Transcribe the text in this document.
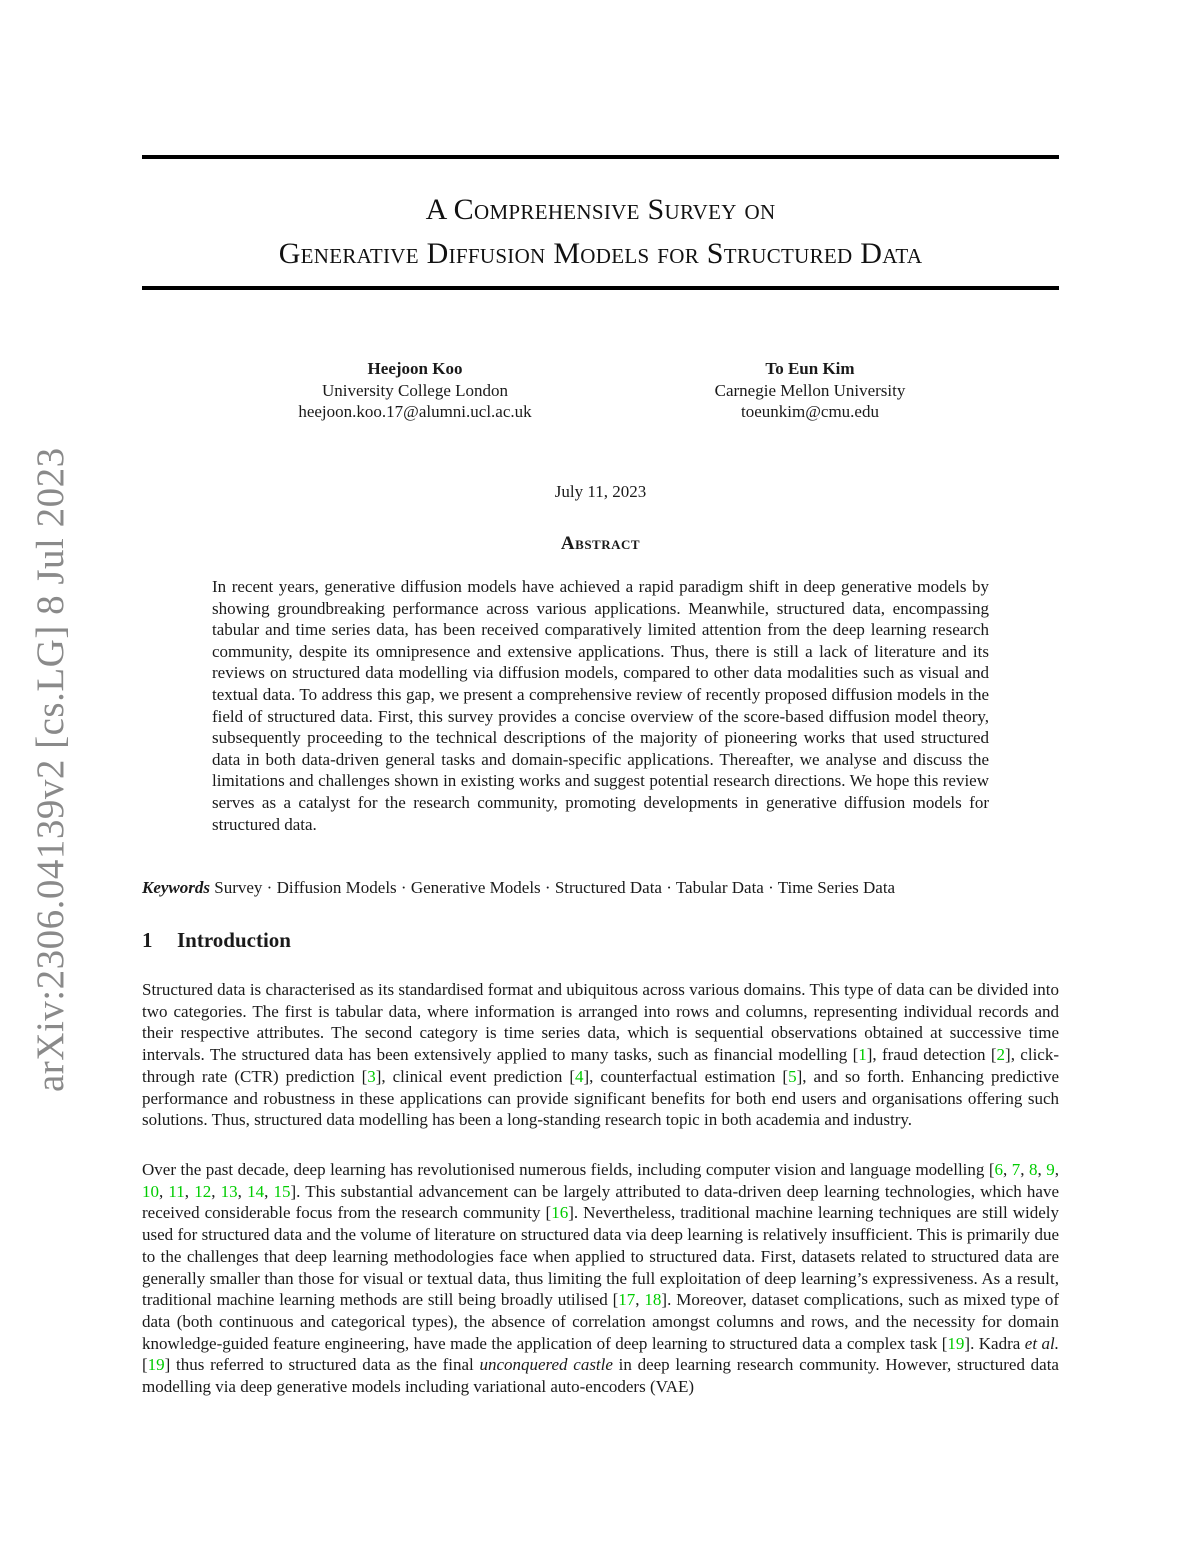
A Comprehensive Survey on
Generative Diffusion Models for Structured Data
Heejoon Koo
University College London
heejoon.koo.17@alumni.ucl.ac.uk
To Eun Kim
Carnegie Mellon University
toeunkim@cmu.edu
July 11, 2023
Abstract

In recent years, generative diffusion models have achieved a rapid paradigm shift in deep generative models by showing groundbreaking performance across various applications. Meanwhile, structured data, encompassing tabular and time series data, has been received comparatively limited attention from the deep learning research community, despite its omnipresence and extensive applications. Thus, there is still a lack of literature and its reviews on structured data modelling via diffusion models, compared to other data modalities such as visual and textual data. To address this gap, we present a comprehensive review of recently proposed diffusion models in the field of structured data. First, this survey provides a concise overview of the score-based diffusion model theory, subsequently proceeding to the technical descriptions of the majority of pioneering works that used structured data in both data-driven general tasks and domain-specific applications. Thereafter, we analyse and discuss the limitations and challenges shown in existing works and suggest potential research directions. We hope this review serves as a catalyst for the research community, promoting developments in generative diffusion models for structured data.

Keywords Survey · Diffusion Models · Generative Models · Structured Data · Tabular Data · Time Series Data
1 Introduction

Structured data is characterised as its standardised format and ubiquitous across various domains. This type of data can be divided into two categories. The first is tabular data, where information is arranged into rows and columns, representing individual records and their respective attributes. The second category is time series data, which is sequential observations obtained at successive time intervals. The structured data has been extensively applied to many tasks, such as financial modelling [1], fraud detection [2], click-through rate (CTR) prediction [3], clinical event prediction [4], counterfactual estimation [5], and so forth. Enhancing predictive performance and robustness in these applications can provide significant benefits for both end users and organisations offering such solutions. Thus, structured data modelling has been a long-standing research topic in both academia and industry.

Over the past decade, deep learning has revolutionised numerous fields, including computer vision and language modelling [6, 7, 8, 9, 10, 11, 12, 13, 14, 15]. This substantial advancement can be largely attributed to data-driven deep learning technologies, which have received considerable focus from the research community [16]. Nevertheless, traditional machine learning techniques are still widely used for structured data and the volume of literature on structured data via deep learning is relatively insufficient. This is primarily due to the challenges that deep learning methodologies face when applied to structured data. First, datasets related to structured data are generally smaller than those for visual or textual data, thus limiting the full exploitation of deep learning’s expressiveness. As a result, traditional machine learning methods are still being broadly utilised [17, 18]. Moreover, dataset complications, such as mixed type of data (both continuous and categorical types), the absence of correlation amongst columns and rows, and the necessity for domain knowledge-guided feature engineering, have made the application of deep learning to structured data a complex task [19]. Kadra et al. [19] thus referred to structured data as the final unconquered castle in deep learning research community. However, structured data modelling via deep generative models including variational auto-encoders (VAE)

arXiv:2306.04139v2 [cs.LG] 8 Jul 2023
